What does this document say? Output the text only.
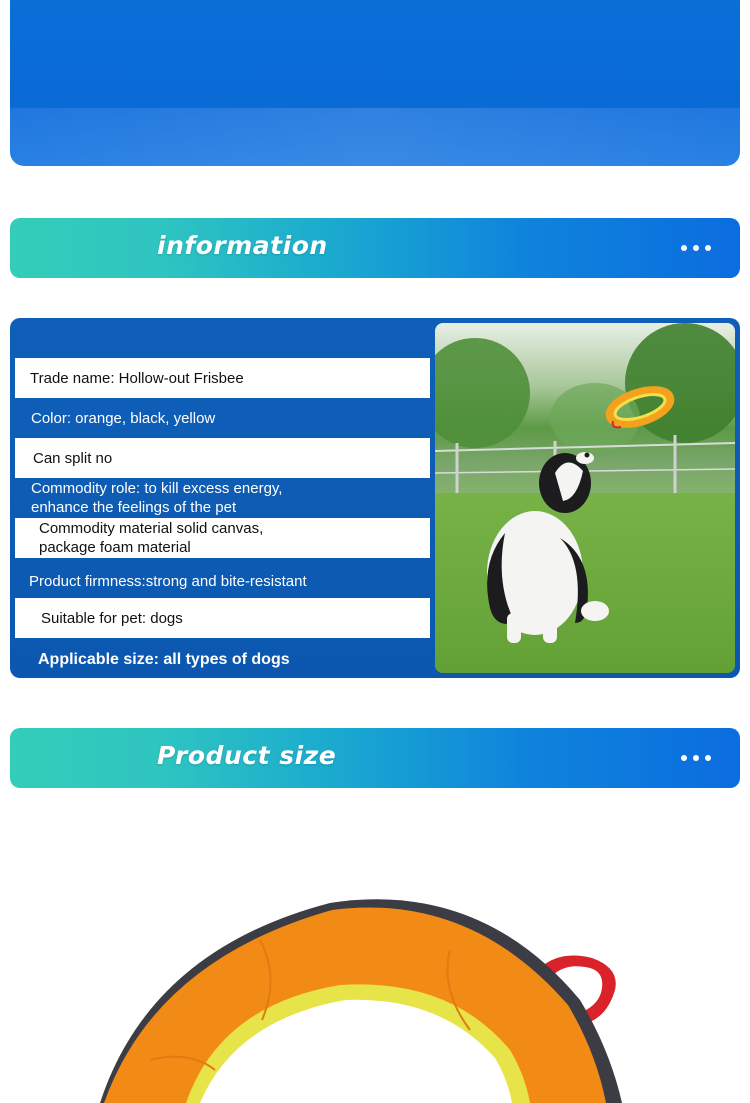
information
Trade name: Hollow-out Frisbee
Color: orange, black, yellow
Can split no
Commodity role: to kill excess energy,
enhance the feelings of the pet
Commodity material solid canvas,
package foam material
Product firmness:strong and bite-resistant
Suitable for pet: dogs
Applicable size: all types of dogs
Product size
